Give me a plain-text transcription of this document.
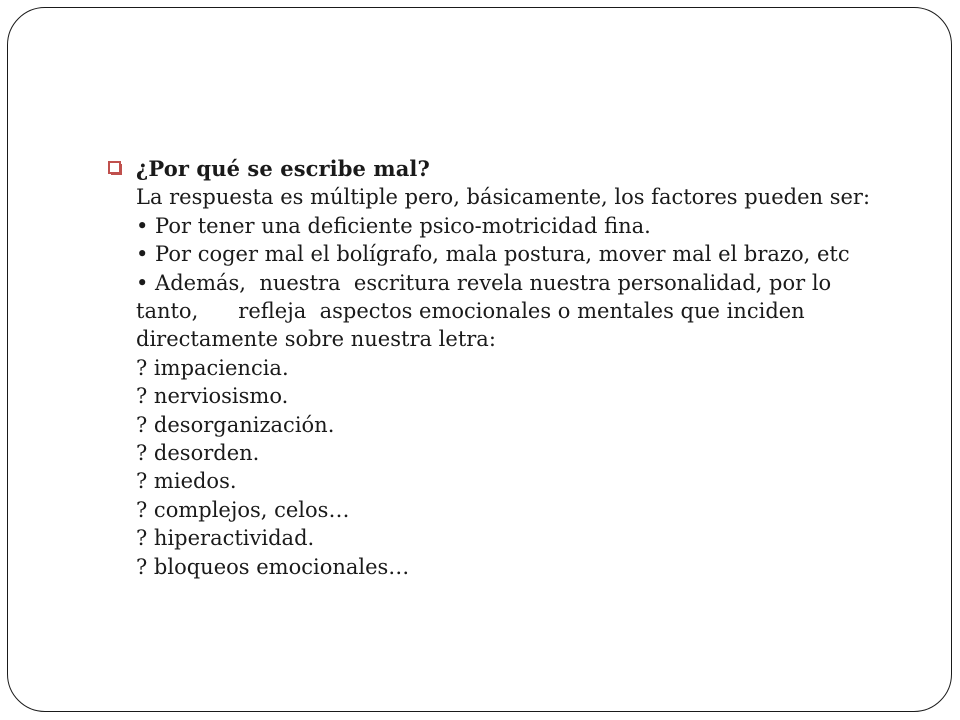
¿Por qué se escribe mal?
La respuesta es múltiple pero, básicamente, los factores pueden ser:
• Por tener una deficiente psico-motricidad fina.
• Por coger mal el bolígrafo, mala postura, mover mal el brazo, etc
• Además,  nuestra  escritura revela nuestra personalidad, por lo
tanto,      refleja  aspectos emocionales o mentales que inciden
directamente sobre nuestra letra:
? impaciencia.
? nerviosismo.
? desorganización.
? desorden.
? miedos.
? complejos, celos…
? hiperactividad.
? bloqueos emocionales…
